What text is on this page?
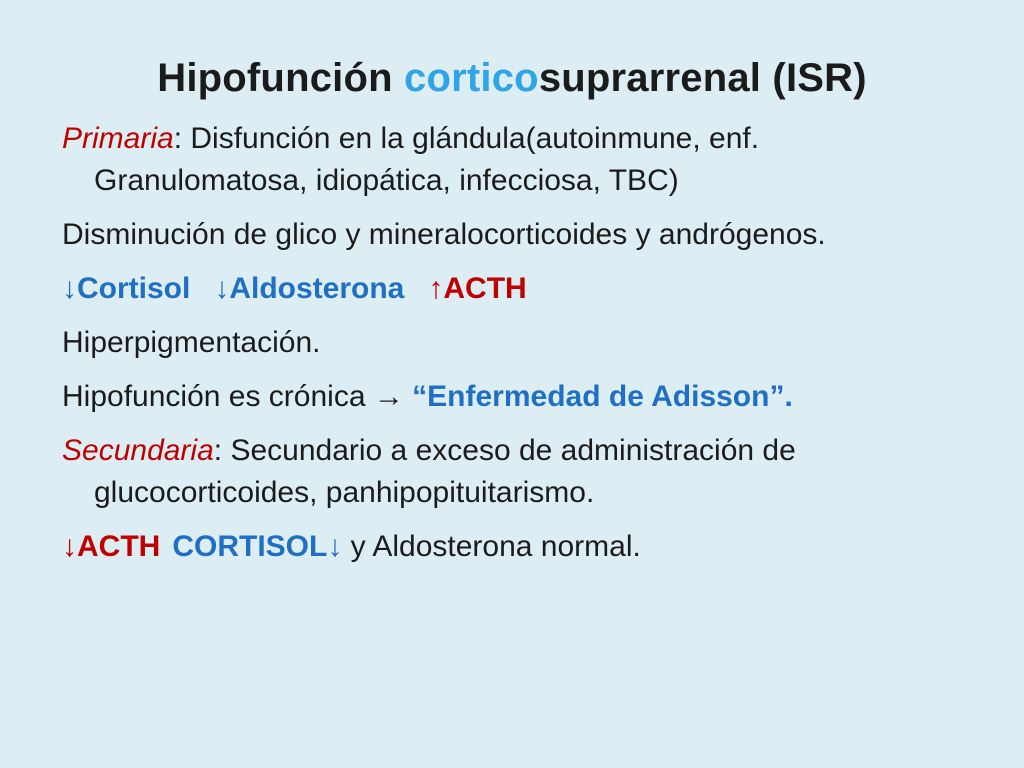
Hipofunción corticosuprarrenal (ISR)

Primaria: Disfunción en la glándula(autoinmune, enf. Granulomatosa, idiopática, infecciosa, TBC)

Disminución de glico y mineralocorticoides y andrógenos.

↓Cortisol ↓Aldosterona ↑ACTH

Hiperpigmentación.

Hipofunción es crónica → “Enfermedad de Adisson”.

Secundaria: Secundario a exceso de administración de glucocorticoides, panhipopituitarismo.

↓ACTH CORTISOL↓ y Aldosterona normal.
